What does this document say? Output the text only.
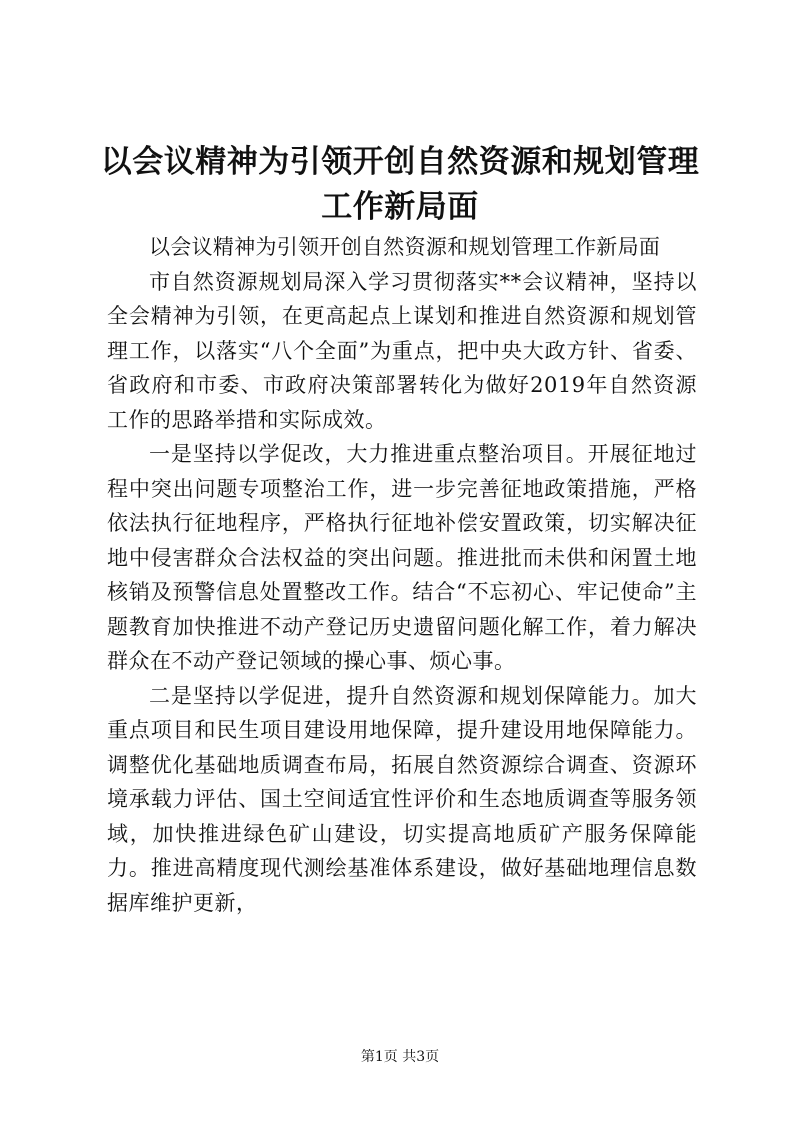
以会议精神为引领开创自然资源和规划管理工作新局面

以会议精神为引领开创自然资源和规划管理工作新局面

市自然资源规划局深入学习贯彻落实**会议精神，坚持以全会精神为引领，在更高起点上谋划和推进自然资源和规划管理工作，以落实“八个全面”为重点，把中央大政方针、省委、省政府和市委、市政府决策部署转化为做好2019年自然资源工作的思路举措和实际成效。

一是坚持以学促改，大力推进重点整治项目。开展征地过程中突出问题专项整治工作，进一步完善征地政策措施，严格依法执行征地程序，严格执行征地补偿安置政策，切实解决征地中侵害群众合法权益的突出问题。推进批而未供和闲置土地核销及预警信息处置整改工作。结合“不忘初心、牢记使命”主题教育加快推进不动产登记历史遗留问题化解工作，着力解决群众在不动产登记领域的操心事、烦心事。

二是坚持以学促进，提升自然资源和规划保障能力。加大重点项目和民生项目建设用地保障，提升建设用地保障能力。调整优化基础地质调查布局，拓展自然资源综合调查、资源环境承载力评估、国土空间适宜性评价和生态地质调查等服务领域，加快推进绿色矿山建设，切实提高地质矿产服务保障能力。推进高精度现代测绘基准体系建设，做好基础地理信息数据库维护更新，

第1页 共3页
